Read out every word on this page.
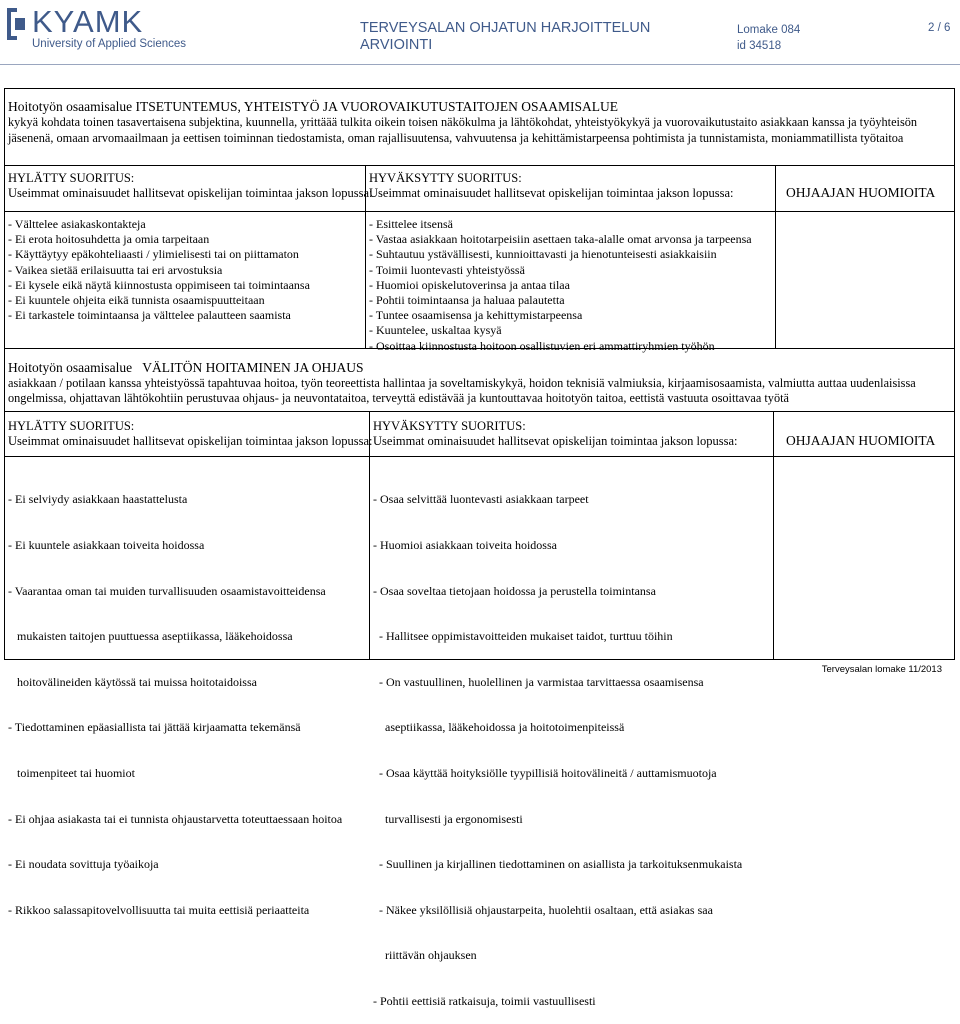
KYAMK
University of Applied Sciences
TERVEYSALAN OHJATUN HARJOITTELUN
ARVIOINTI
Lomake 084
id 34518
2 / 6
Hoitotyön osaamisalue ITSETUNTEMUS, YHTEISTYÖ JA VUOROVAIKUTUSTAITOJEN OSAAMISALUE
kykyä kohdata toinen tasavertaisena subjektina, kuunnella, yrittäää tulkita oikein toisen näkökulma ja lähtökohdat, yhteistyökykyä ja vuorovaikutustaito asiakkaan kanssa ja työyhteisön
jäsenenä, omaan arvomaailmaan ja eettisen toiminnan tiedostamista, oman rajallisuutensa, vahvuutensa ja kehittämistarpeensa pohtimista ja tunnistamista, moniammatillista työtaitoa
HYLÄTTY SUORITUS:
Useimmat ominaisuudet hallitsevat opiskelijan toimintaa jakson lopussa:
HYVÄKSYTTY SUORITUS:
Useimmat ominaisuudet hallitsevat opiskelijan toimintaa jakson lopussa:	OHJAAJAN HUOMIOITA
- Välttelee asiakaskontakteja
- Ei erota hoitosuhdetta ja omia tarpeitaan
- Käyttäytyy epäkohteliaasti / ylimielisesti tai on piittamaton
- Vaikea sietää erilaisuutta tai eri arvostuksia
- Ei kysele eikä näytä kiinnostusta oppimiseen tai toimintaansa
- Ei kuuntele ohjeita eikä tunnista osaamispuutteitaan
- Ei tarkastele toimintaansa ja välttelee palautteen saamista
- Esittelee itsensä
- Vastaa asiakkaan hoitotarpeisiin asettaen taka-alalle omat arvonsa ja tarpeensa
- Suhtautuu ystävällisesti, kunnioittavasti ja hienotunteisesti asiakkaisiin
- Toimii luontevasti yhteistyössä
- Huomioi opiskelutoverinsa ja antaa tilaa
- Pohtii toimintaansa ja haluaa palautetta
- Tuntee osaamisensa ja kehittymistarpeensa
- Kuuntelee, uskaltaa kysyä
- Osoittaa kiinnostusta hoitoon osallistuvien eri ammattiryhmien työhön
Hoitotyön osaamisalue VÄLITÖN HOITAMINEN JA OHJAUS
asiakkaan / potilaan kanssa yhteistyössä tapahtuvaa hoitoa, työn teoreettista hallintaa ja soveltamiskykyä, hoidon teknisiä valmiuksia, kirjaamisosaamista, valmiutta auttaa uudenlaisissa
ongelmissa, ohjattavan lähtökohtiin perustuvaa ohjaus- ja neuvontataitoa, terveyttä edistävää ja kuntouttavaa hoitotyön taitoa, eettistä vastuuta osoittavaa työtä
HYLÄTTY SUORITUS:
Useimmat ominaisuudet hallitsevat opiskelijan toimintaa jakson lopussa:
HYVÄKSYTTY SUORITUS:
Useimmat ominaisuudet hallitsevat opiskelijan toimintaa jakson lopussa:	OHJAAJAN HUOMIOITA

- Ei selviydy asiakkaan haastattelusta

- Ei kuuntele asiakkaan toiveita hoidossa

- Vaarantaa oman tai muiden turvallisuuden osaamistavoitteidensa

mukaisten taitojen puuttuessa aseptiikassa, lääkehoidossa

hoitovälineiden käytössä tai muissa hoitotaidoissa

- Tiedottaminen epäasiallista tai jättää kirjaamatta tekemänsä

toimenpiteet tai huomiot

- Ei ohjaa asiakasta tai ei tunnista ohjaustarvetta toteuttaessaan hoitoa

- Ei noudata sovittuja työaikoja

- Rikkoo salassapitovelvollisuutta tai muita eettisiä periaatteita

- Osaa selvittää luontevasti asiakkaan tarpeet

- Huomioi asiakkaan toiveita hoidossa

- Osaa soveltaa tietojaan hoidossa ja perustella toimintansa

- Hallitsee oppimistavoitteiden mukaiset taidot, turttuu töihin

- On vastuullinen, huolellinen ja varmistaa tarvittaessa osaamisensa

aseptiikassa, lääkehoidossa ja hoitotoimenpiteissä

- Osaa käyttää hoityksiölle tyypillisiä hoitovälineitä / auttamismuotoja

turvallisesti ja ergonomisesti

- Suullinen ja kirjallinen tiedottaminen on asiallista ja tarkoituksenmukaista

- Näkee yksilöllisiä ohjaustarpeita, huolehtii osaltaan, että asiakas saa

riittävän ohjauksen

- Pohtii eettisiä ratkaisuja, toimii vastuullisesti

Terveysalan lomake 11/2013
